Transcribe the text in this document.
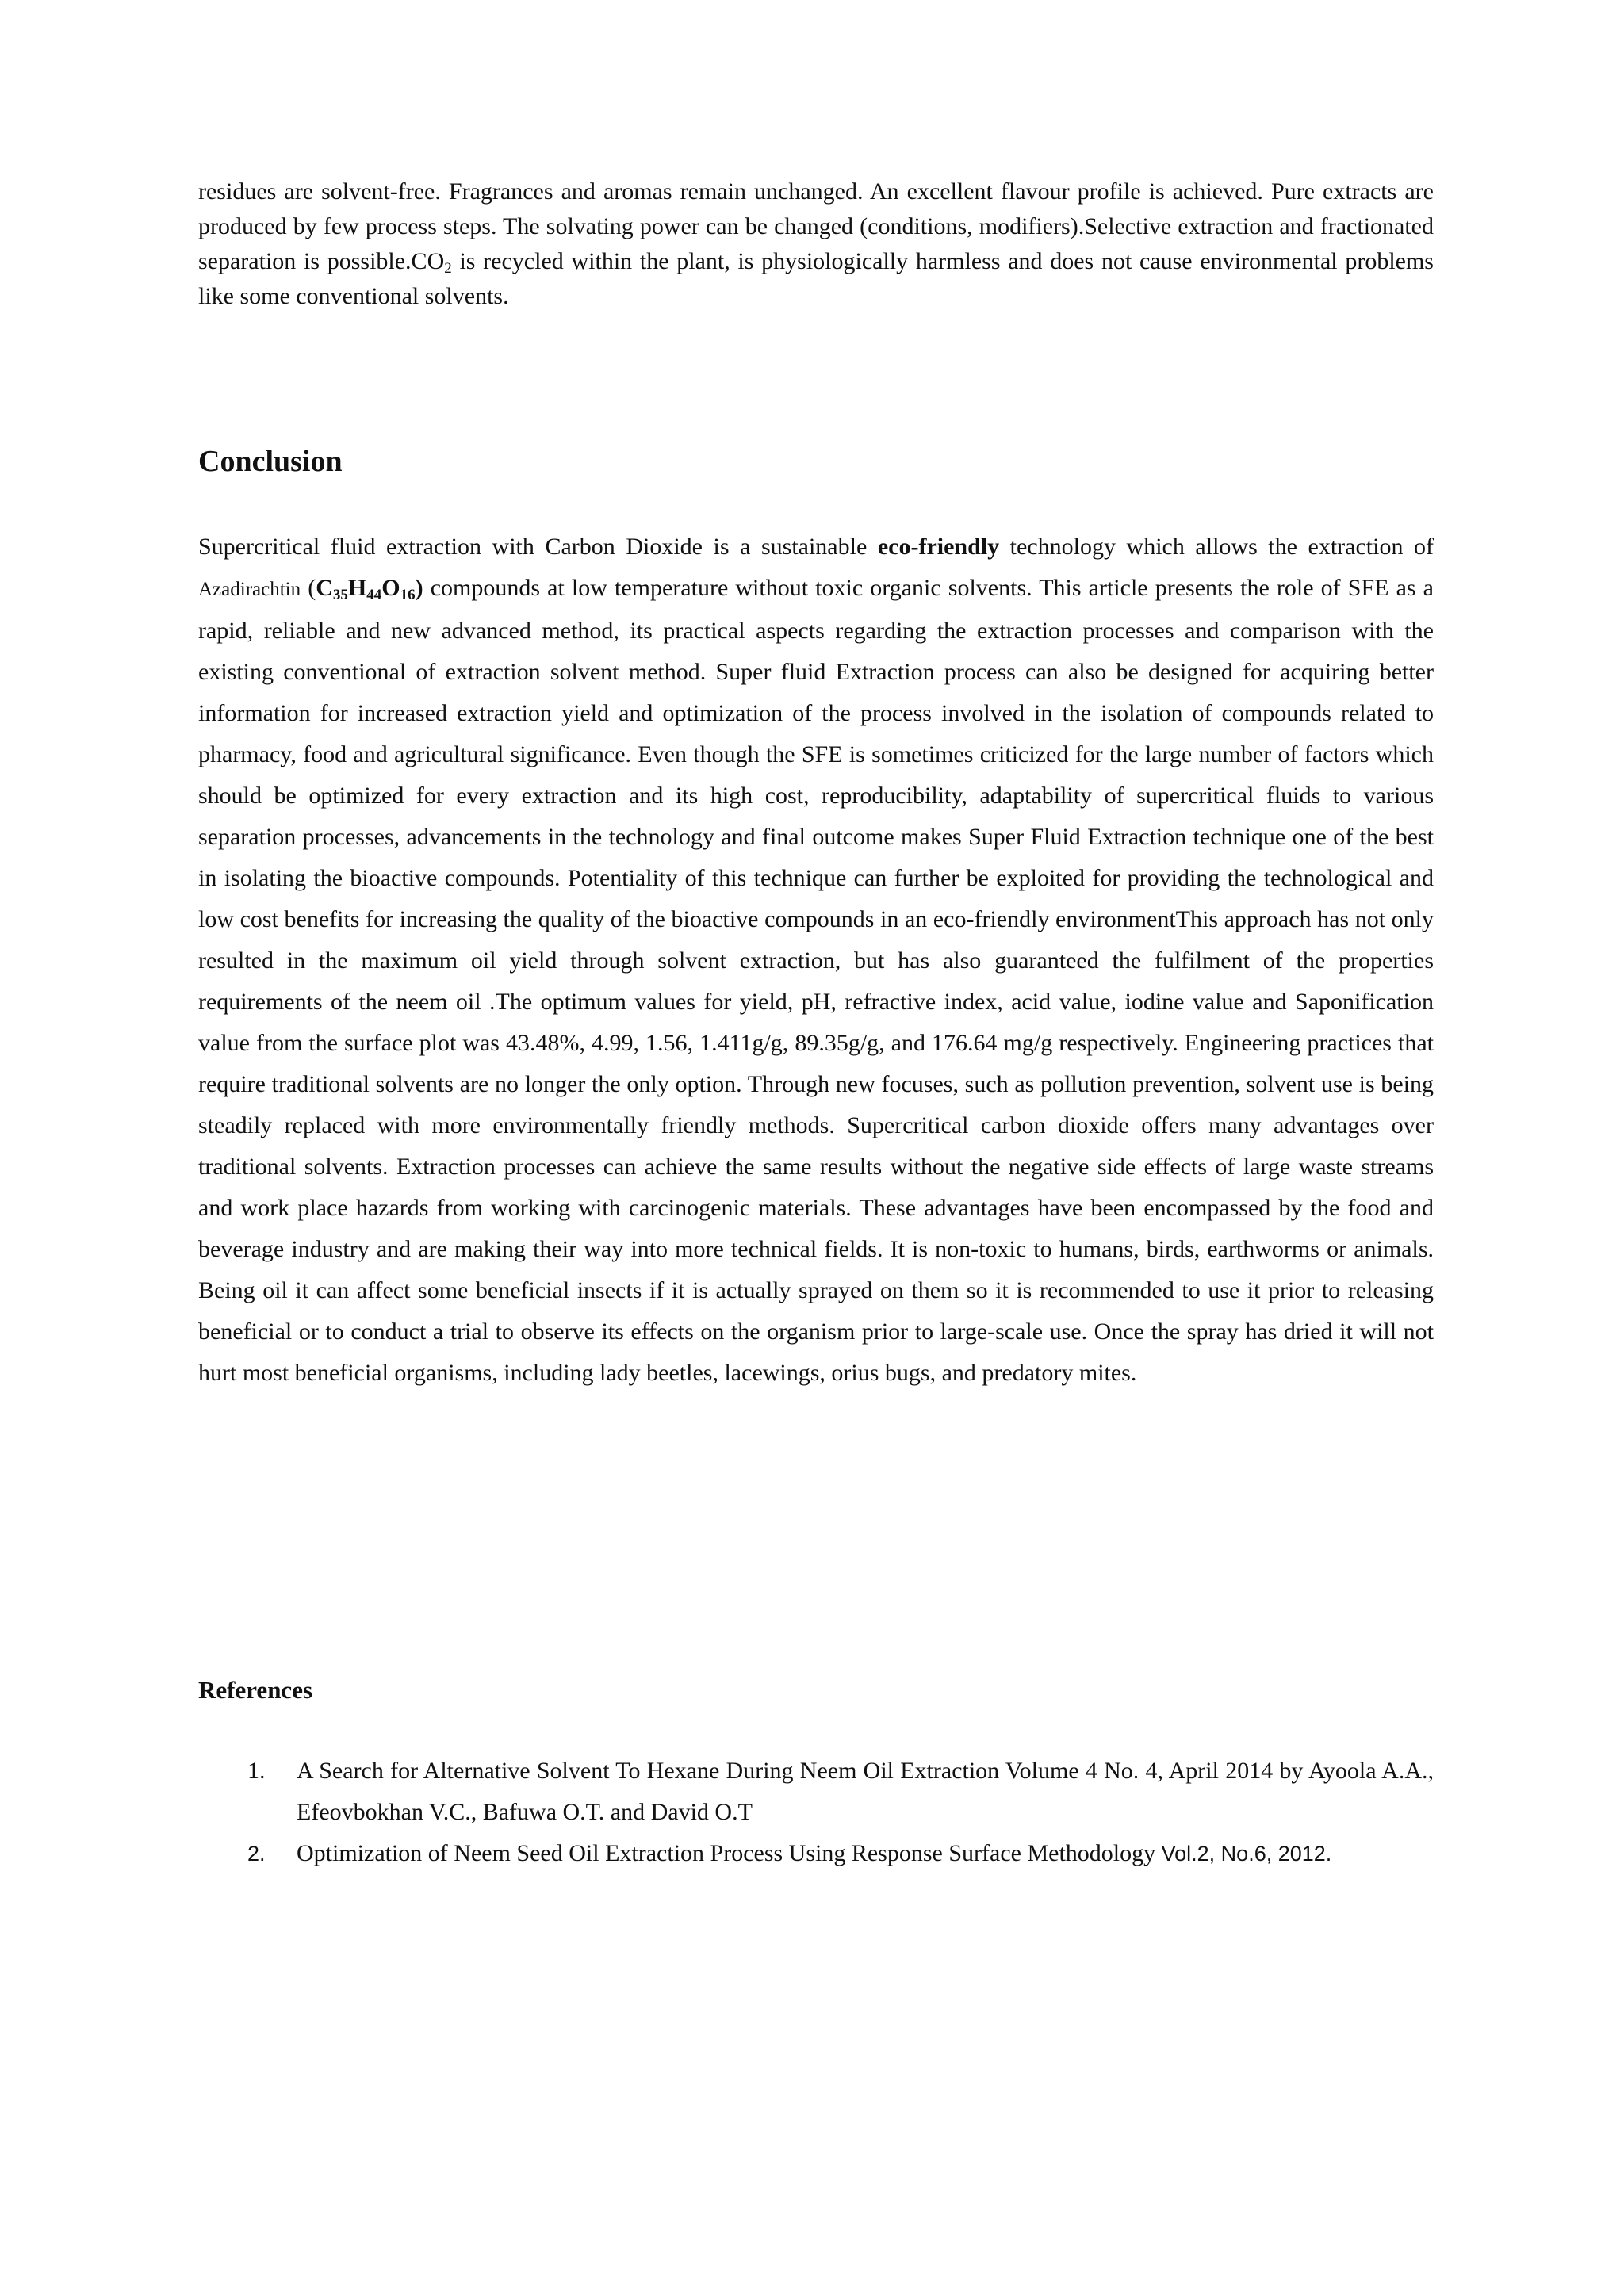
residues are solvent-free. Fragrances and aromas remain unchanged. An excellent flavour profile is achieved. Pure extracts are produced by few process steps. The solvating power can be changed (conditions, modifiers).Selective extraction and fractionated separation is $possible.CO_2$ is recycled within the plant, is physiologically harmless and does not cause environmental problems like some conventional solvents.

Conclusion

Supercritical fluid extraction with Carbon Dioxide is a sustainable eco-friendly technology which allows the extraction of Azadirachtin $(C_{35}H_{44}O_{16})$ compounds at low temperature without toxic organic solvents. This article presents the role of SFE as a rapid, reliable and new advanced method, its practical aspects regarding the extraction processes and comparison with the existing conventional of extraction solvent method. Super fluid Extraction process can also be designed for acquiring better information for increased extraction yield and optimization of the process involved in the isolation of compounds related to pharmacy, food and agricultural significance. Even though the SFE is sometimes criticized for the large number of factors which should be optimized for every extraction and its high cost, reproducibility, adaptability of supercritical fluids to various separation processes, advancements in the technology and final outcome makes Super Fluid Extraction technique one of the best in isolating the bioactive compounds. Potentiality of this technique can further be exploited for providing the technological and low cost benefits for increasing the quality of the bioactive compounds in an eco-friendly environmentThis approach has not only resulted in the maximum oil yield through solvent extraction, but has also guaranteed the fulfilment of the properties requirements of the neem oil .The optimum values for yield, pH, refractive index, acid value, iodine value and Saponification value from the surface plot was 43.48%, 4.99, 1.56, 1.411g/g, 89.35g/g, and 176.64 mg/g respectively. Engineering practices that require traditional solvents are no longer the only option. Through new focuses, such as pollution prevention, solvent use is being steadily replaced with more environmentally friendly methods. Supercritical carbon dioxide offers many advantages over traditional solvents. Extraction processes can achieve the same results without the negative side effects of large waste streams and work place hazards from working with carcinogenic materials. These advantages have been encompassed by the food and beverage industry and are making their way into more technical fields. It is non-toxic to humans, birds, earthworms or animals. Being oil it can affect some beneficial insects if it is actually sprayed on them so it is recommended to use it prior to releasing beneficial or to conduct a trial to observe its effects on the organism prior to large-scale use. Once the spray has dried it will not hurt most beneficial organisms, including lady beetles, lacewings, orius bugs, and predatory mites.

References
1. A Search for Alternative Solvent To Hexane During Neem Oil Extraction Volume 4 No. 4, April 2014 by Ayoola A.A., Efeovbokhan V.C., Bafuwa O.T. and David O.T
2. Optimization of Neem Seed Oil Extraction Process Using Response Surface Methodology Vol.2, No.6, 2012.
